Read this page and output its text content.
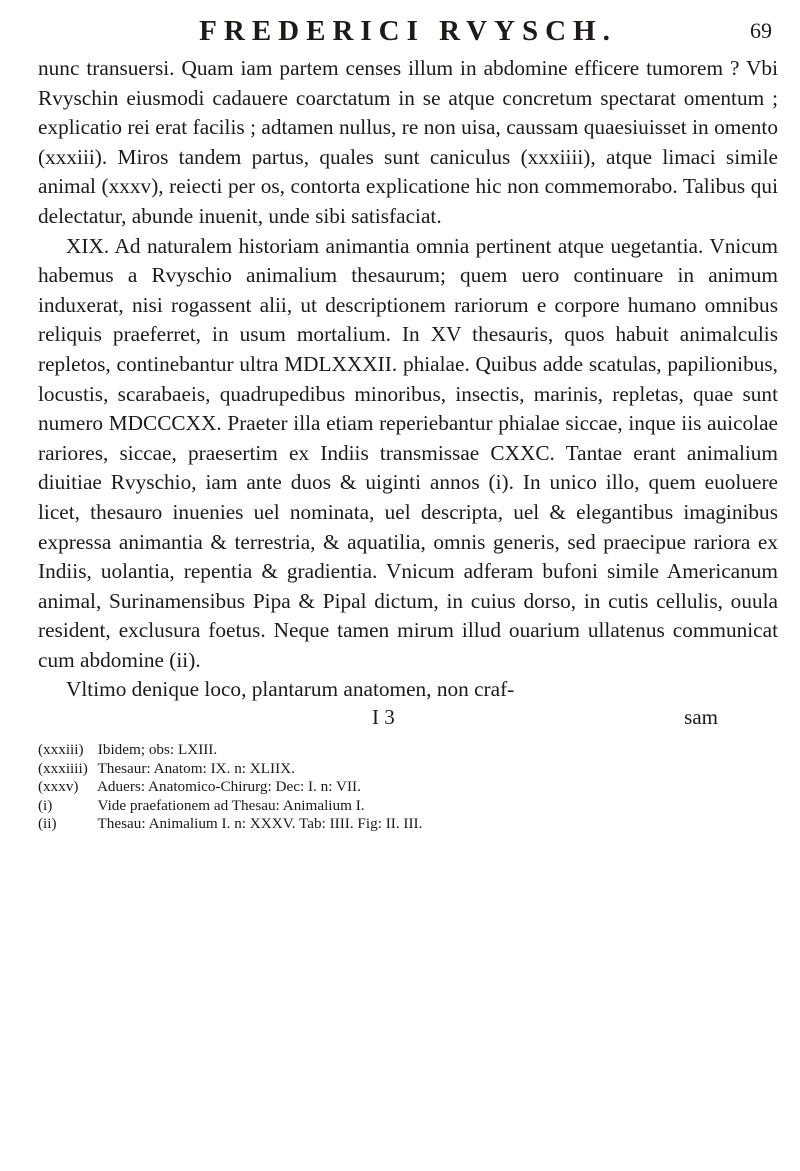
FREDERICI RVYSCH.	69

nunc transuersi. Quam iam partem censes illum in abdomine efficere tumorem ? Vbi Rvyschin eiusmodi cadauere coarctatum in se atque concretum spectarat omentum ; explicatio rei erat facilis ; adtamen nullus, re non uisa, caussam quaesiuisset in omento (xxxiii). Miros tandem partus, quales sunt caniculus (xxxiiii), atque limaci simile animal (xxxv), reiecti per os, contorta explicatione hic non commemorabo. Talibus qui delectatur, abunde inuenit, unde sibi satisfaciat.

XIX. Ad naturalem historiam animantia omnia pertinent atque uegetantia. Vnicum habemus a Rvyschio animalium thesaurum; quem uero continuare in animum induxerat, nisi rogassent alii, ut descriptionem rariorum e corpore humano omnibus reliquis praeferret, in usum mortalium. In XV thesauris, quos habuit animalculis repletos, continebantur ultra MDLXXXII. phialae. Quibus adde scatulas, papilionibus, locustis, scarabaeis, quadrupedibus minoribus, insectis, marinis, repletas, quae sunt numero MDCCCXX. Praeter illa etiam reperiebantur phialae siccae, inque iis auicolae rariores, siccae, praesertim ex Indiis transmissae CXXC. Tantae erant animalium diuitiae Rvyschio, iam ante duos & uiginti annos (i). In unico illo, quem euoluere licet, thesauro inuenies uel nominata, uel descripta, uel & elegantibus imaginibus expressa animantia & terrestria, & aquatilia, omnis generis, sed praecipue rariora ex Indiis, uolantia, repentia & gradientia. Vnicum adferam bufoni simile Americanum animal, Surinamensibus Pipa & Pipal dictum, in cuius dorso, in cutis cellulis, ouula resident, exclusura foetus. Neque tamen mirum illud ouarium ullatenus communicat cum abdomine (ii).

Vltimo denique loco, plantarum anatomen, non craf-

I 3	sam
(xxxiii) Ibidem; obs: LXIII.
(xxxiiii) Thesaur: Anatom: IX. n: XLIIX.
(xxxv) Aduers: Anatomico-Chirurg: Dec: I. n: VII.
(i)	Vide praefationem ad Thesau: Animalium I.
(ii)	Thesau: Animalium I. n: XXXV. Tab: IIII. Fig: II. III.
